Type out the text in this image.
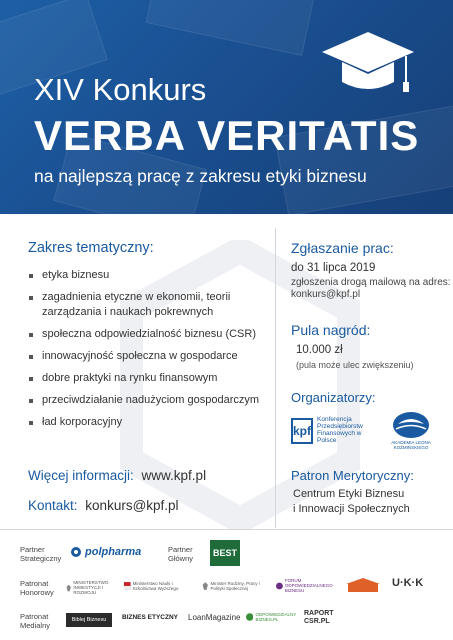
XIV Konkurs
VERBA VERITATIS
na najlepszą pracę z zakresu etyki biznesu
Zakres tematyczny:
etyka biznesu
zagadnienia etyczne w ekonomii, teorii zarządzania i naukach pokrewnych
społeczna odpowiedzialność biznesu (CSR)
innowacyjność społeczna w gospodarce
dobre praktyki na rynku finansowym
przeciwdziałanie nadużyciom gospodarczym
ład korporacyjny
Więcej informacji: www.kpf.pl
Kontakt: konkurs@kpf.pl
Zgłaszanie prac:
do 31 lipca 2019
zgłoszenia drogą mailową na adres: konkurs@kpf.pl
Pula nagród:
10.000 zł
(pula może ulec zwiększeniu)
Organizatorzy:
kpf
Konferencja Przedsiębiorstw Finansowych w Polsce	AKADEMIA LEONA KOŹMIŃSKIEGO
Patron Merytoryczny:
Centrum Etyki Biznesu
i Innowacji Społecznych
Partner Strategiczny
polpharma	Partner Główny
BEST
Patronat Honorowy
MINISTERSTWO INWESTYCJI I ROZWOJU
Ministerstwo Nauki i Szkolnictwa Wyższego
Minister Rodziny, Pracy i Polityki Społecznej
FORUM ODPOWIEDZIALNEGO BIZNESU
U·K·K
Patronat Medialny
Biblej Biznesu BIZNES ETYCZNY LoanMagazine	ODPOWIEDZIALNY BIZNES.PL
RAPORT CSR.PL
